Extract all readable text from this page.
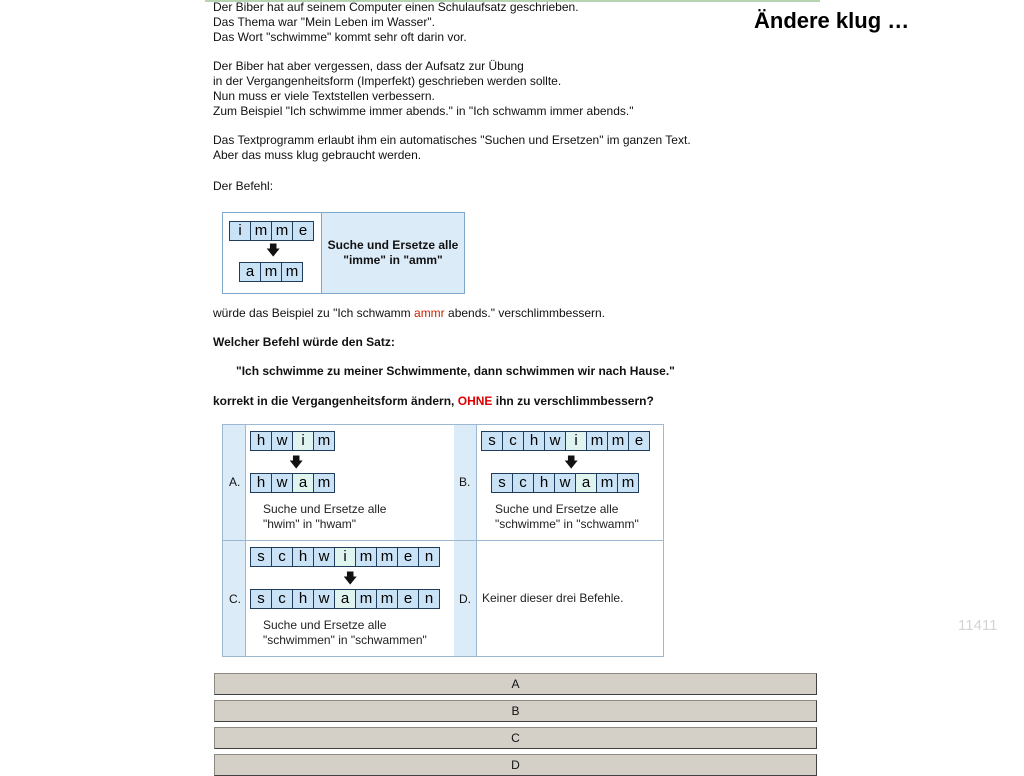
Ändere klug …
11411
Der Biber hat auf seinem Computer einen Schulaufsatz geschrieben.
Das Thema war "Mein Leben im Wasser".
Das Wort "schwimme" kommt sehr oft darin vor.
Der Biber hat aber vergessen, dass der Aufsatz zur Übung
in der Vergangenheitsform (Imperfekt) geschrieben werden sollte.
Nun muss er viele Textstellen verbessern.
Zum Beispiel "Ich schwimme immer abends." in "Ich schwamm immer abends."
Das Textprogramm erlaubt ihm ein automatisches "Suchen und Ersetzen" im ganzen Text.
Aber das muss klug gebraucht werden.
Der Befehl:
i m m e
🡇
a m m
Suche und Ersetze alle
"imme" in "amm"
würde das Beispiel zu "Ich schwamm ammr abends." verschlimmbessern.
Welcher Befehl würde den Satz:
"Ich schwimme zu meiner Schwimmente, dann schwimmen wir nach Hause."
korrekt in die Vergangenheitsform ändern, OHNE ihn zu verschlimmbessern?
A.
h w i m
🡇
h w a m
Suche und Ersetze alle
"hwim" in "hwam"
B.
s c h w i m m e
🡇
s c h w a m m
Suche und Ersetze alle
"schwimme" in "schwamm"
C.
s c h w i m m e n
🡇
s c h w a m m e n
Suche und Ersetze alle
"schwimmen" in "schwammen"
D. Keiner dieser drei Befehle.
A
B
C
D
